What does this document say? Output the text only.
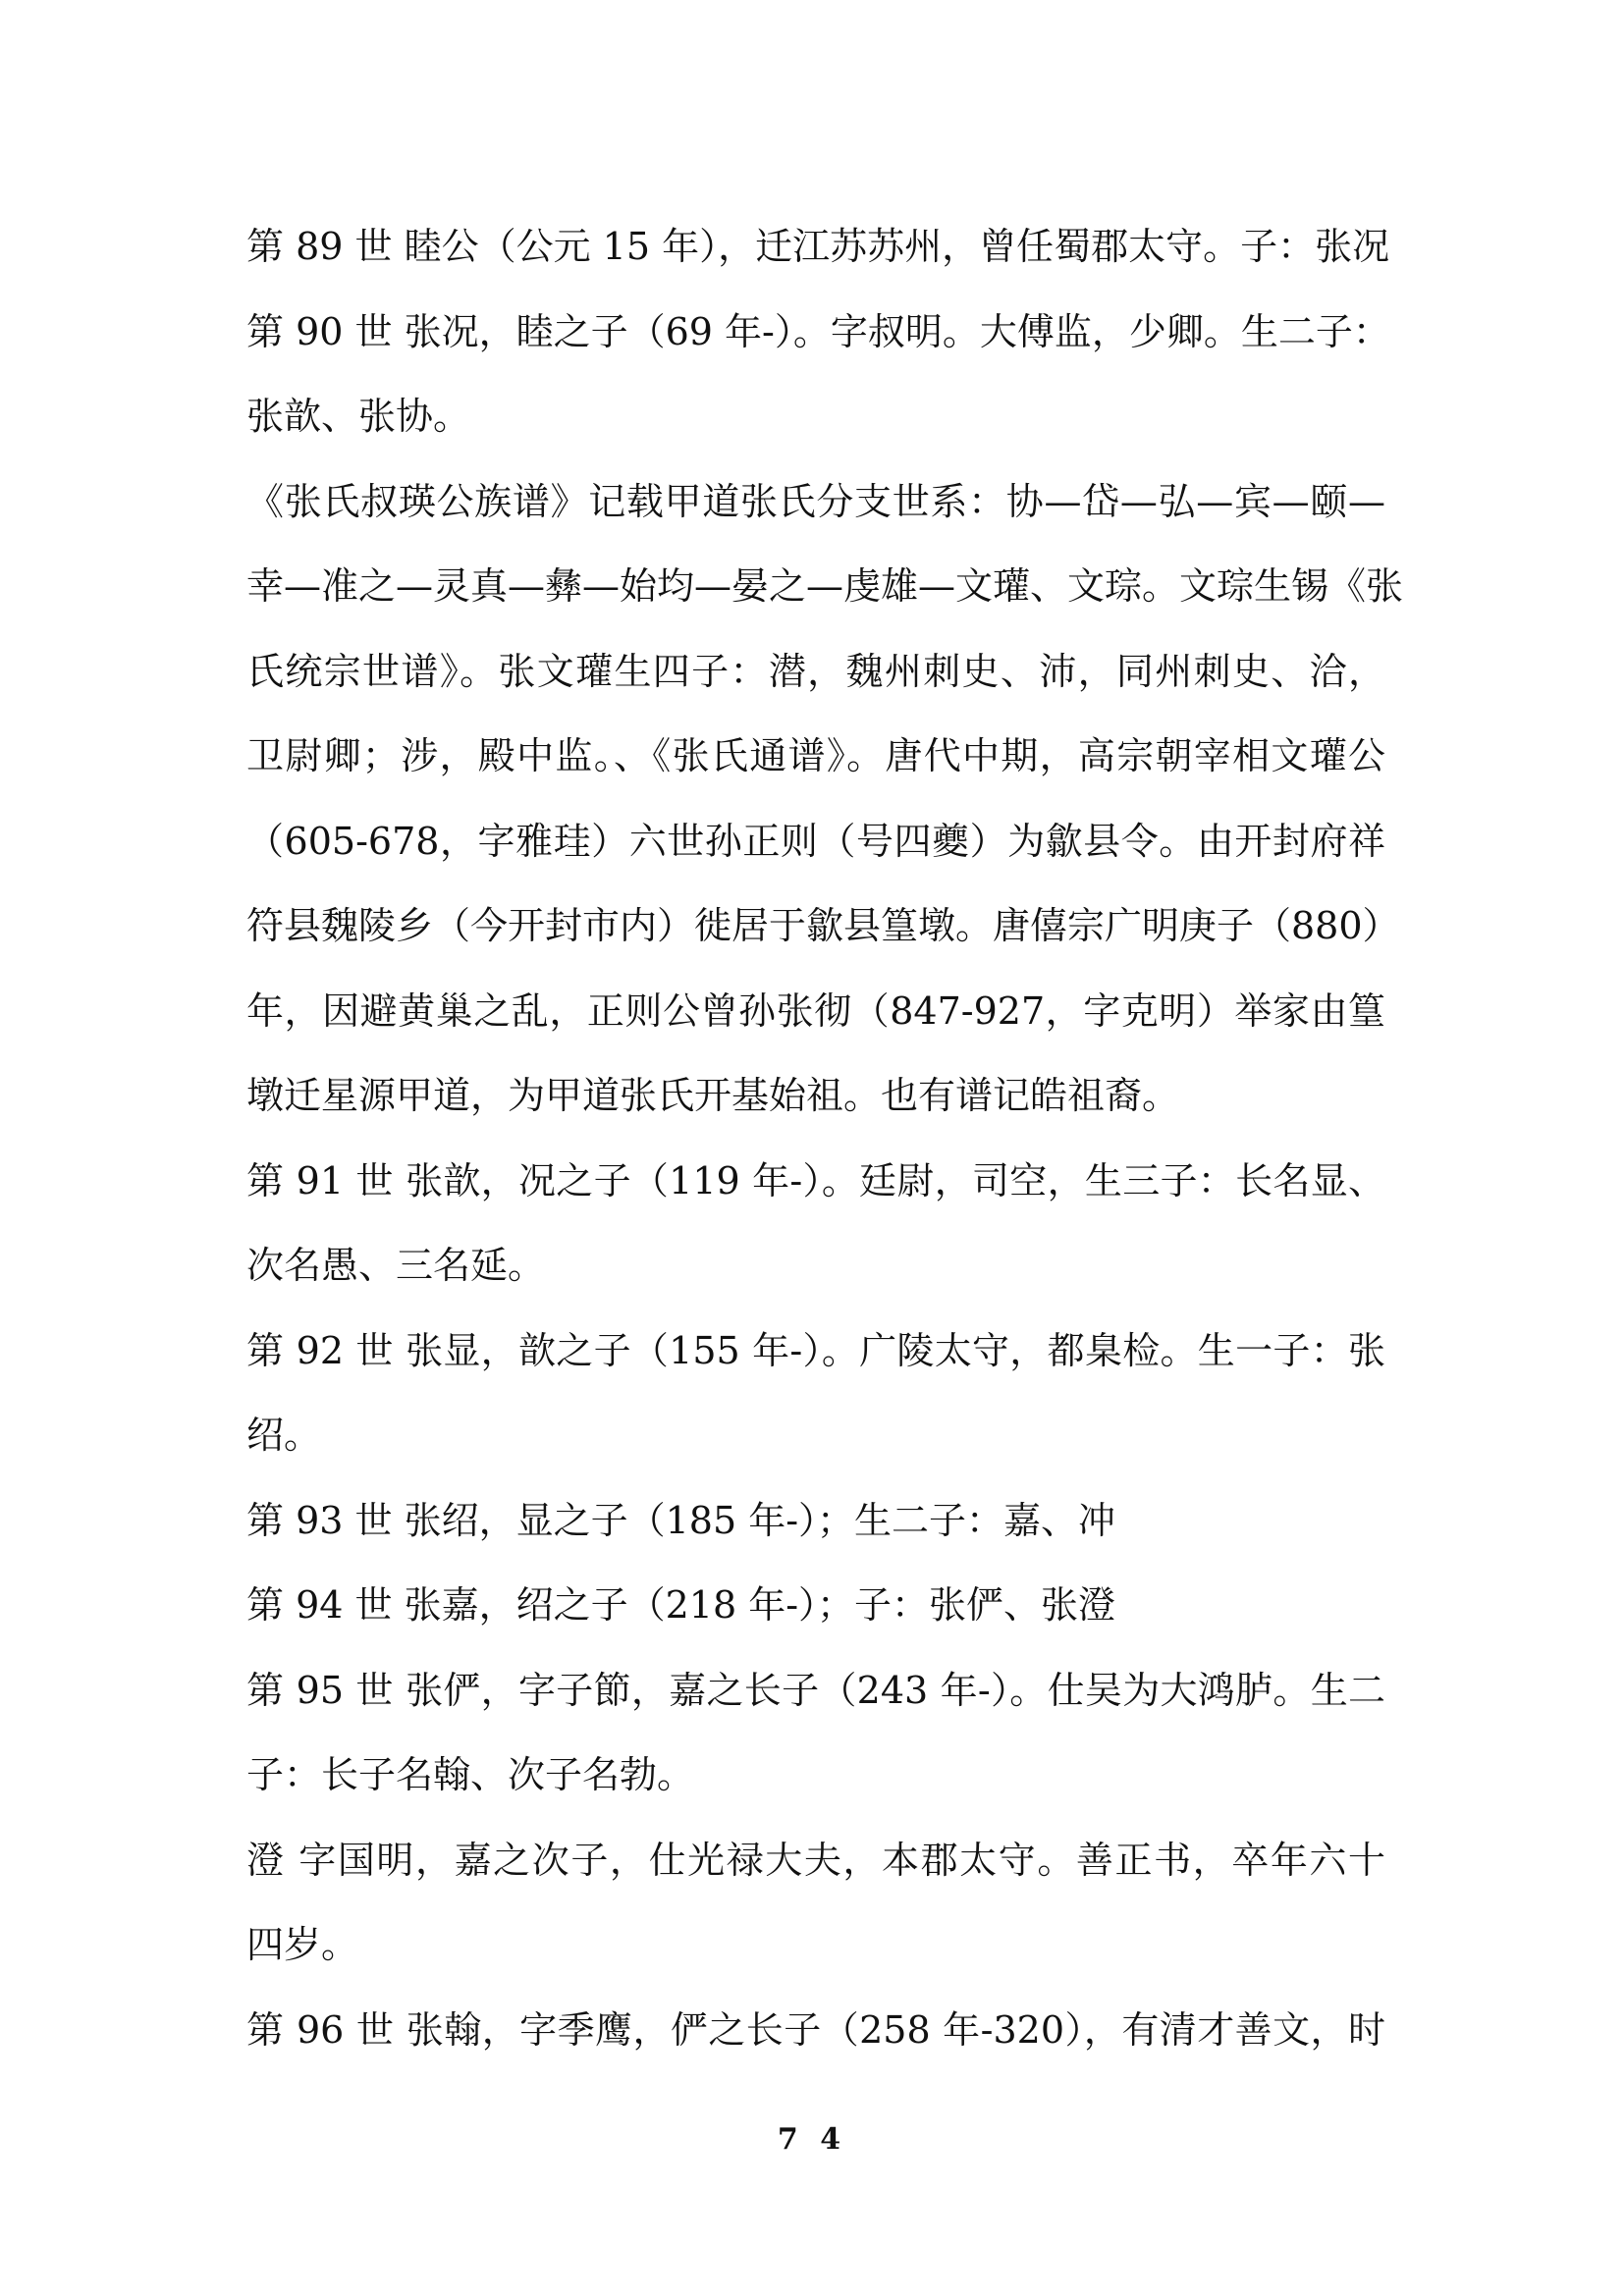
第 89 世 睦公（公元 15 年），迁江苏苏州，曾任蜀郡太守。子：张况
第 90 世 张况，睦之子（69 年-）。字叔明。大傅监，少卿。生二子：
张歆、张协。
《张氏叔瑛公族谱》记载甲道张氏分支世系：协—岱—弘—宾—颐—
幸—准之—灵真—彝—始均—晏之—虔雄—文瓘、文琮。文琮生锡《张
氏统宗世谱》。张文瓘生四子：潜，魏州刺史、沛，同州刺史、洽，
卫尉卿；涉，殿中监。、《张氏通谱》。唐代中期，高宗朝宰相文瓘公
（605-678，字雅珪）六世孙正则（号四夔）为歙县令。由开封府祥
符县魏陵乡（今开封市内）徙居于歙县篁墩。唐僖宗广明庚子（880）
年，因避黄巢之乱，正则公曾孙张彻（847-927，字克明）举家由篁
墩迁星源甲道，为甲道张氏开基始祖。也有谱记皓祖裔。
第 91 世 张歆，况之子（119 年-）。廷尉，司空，生三子：长名显、
次名愚、三名延。
第 92 世 张显，歆之子（155 年-）。广陵太守，都臬检。生一子：张
绍。
第 93 世 张绍，显之子（185 年-）；生二子：嘉、冲
第 94 世 张嘉，绍之子（218 年-）；子：张俨、张澄
第 95 世 张俨，字子節，嘉之长子（243 年-）。仕吴为大鸿胪。生二
子：长子名翰、次子名勃。
澄 字国明，嘉之次子，仕光禄大夫，本郡太守。善正书，卒年六十
四岁。
第 96 世 张翰，字季鹰，俨之长子（258 年-320），有清才善文，时
7 4
